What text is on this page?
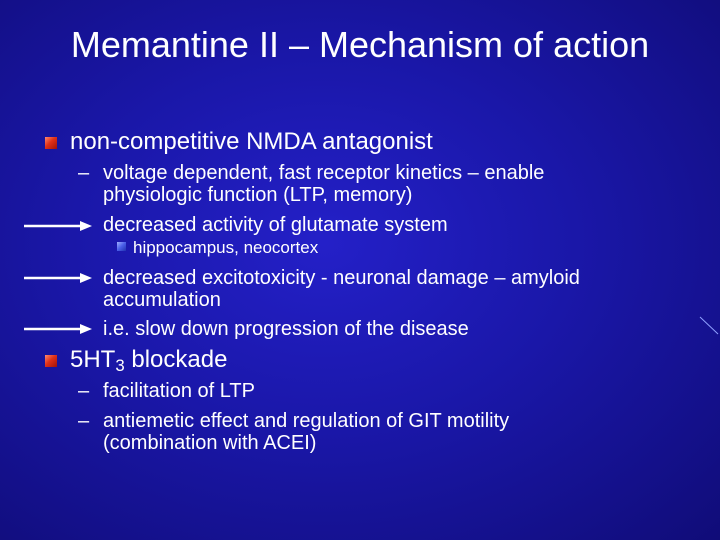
Memantine II – Mechanism of action
non-competitive NMDA antagonist
– voltage dependent, fast receptor kinetics – enable
physiologic function (LTP, memory)
decreased activity of glutamate system
hippocampus, neocortex
decreased excitotoxicity - neuronal damage – amyloid
accumulation
i.e. slow down progression of the disease
$5HT_3$ blockade
– facilitation of LTP
– antiemetic effect and regulation of GIT motility
(combination with ACEI)
